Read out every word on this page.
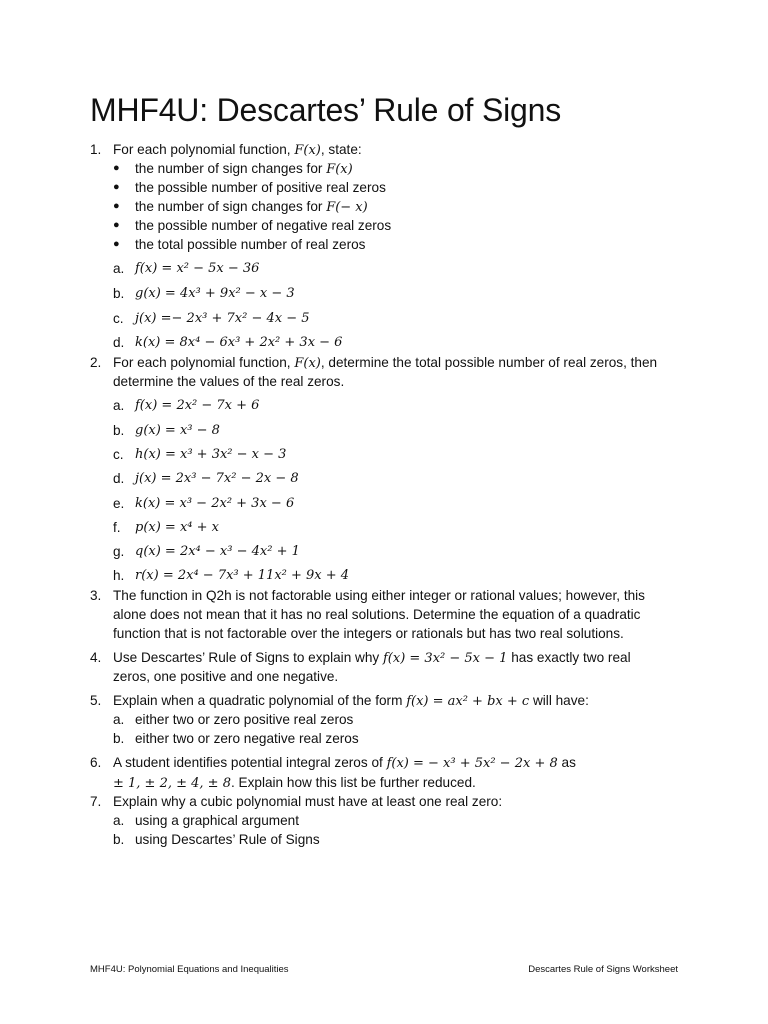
MHF4U: Descartes’ Rule of Signs
1. For each polynomial function, F(x), state:
● the number of sign changes for F(x)
● the possible number of positive real zeros
● the number of sign changes for F(− x)
● the possible number of negative real zeros
● the total possible number of real zeros
a. f(x) = x² − 5x − 36
b. g(x) = 4x³ + 9x² − x − 3
c. j(x) =− 2x³ + 7x² − 4x − 5
d. k(x) = 8x⁴ − 6x³ + 2x² + 3x − 6
2. For each polynomial function, F(x), determine the total possible number of real zeros, then
determine the values of the real zeros.
a. f(x) = 2x² − 7x + 6
b. g(x) = x³ − 8
c. h(x) = x³ + 3x² − x − 3
d. j(x) = 2x³ − 7x² − 2x − 8
e. k(x) = x³ − 2x² + 3x − 6
f. p(x) = x⁴ + x
g. q(x) = 2x⁴ − x³ − 4x² + 1
h. r(x) = 2x⁴ − 7x³ + 11x² + 9x + 4
3. The function in Q2h is not factorable using either integer or rational values; however, this
alone does not mean that it has no real solutions. Determine the equation of a quadratic
function that is not factorable over the integers or rationals but has two real solutions.
4. Use Descartes’ Rule of Signs to explain why f(x) = 3x² − 5x − 1 has exactly two real
zeros, one positive and one negative.
5. Explain when a quadratic polynomial of the form f(x) = ax² + bx + c will have:
a. either two or zero positive real zeros
b. either two or zero negative real zeros
6. A student identifies potential integral zeros of f(x) = − x³ + 5x² − 2x + 8 as
± 1, ± 2, ± 4, ± 8. Explain how this list be further reduced.
7. Explain why a cubic polynomial must have at least one real zero:
a. using a graphical argument
b. using Descartes’ Rule of Signs
MHF4U: Polynomial Equations and Inequalities	Descartes Rule of Signs Worksheet
